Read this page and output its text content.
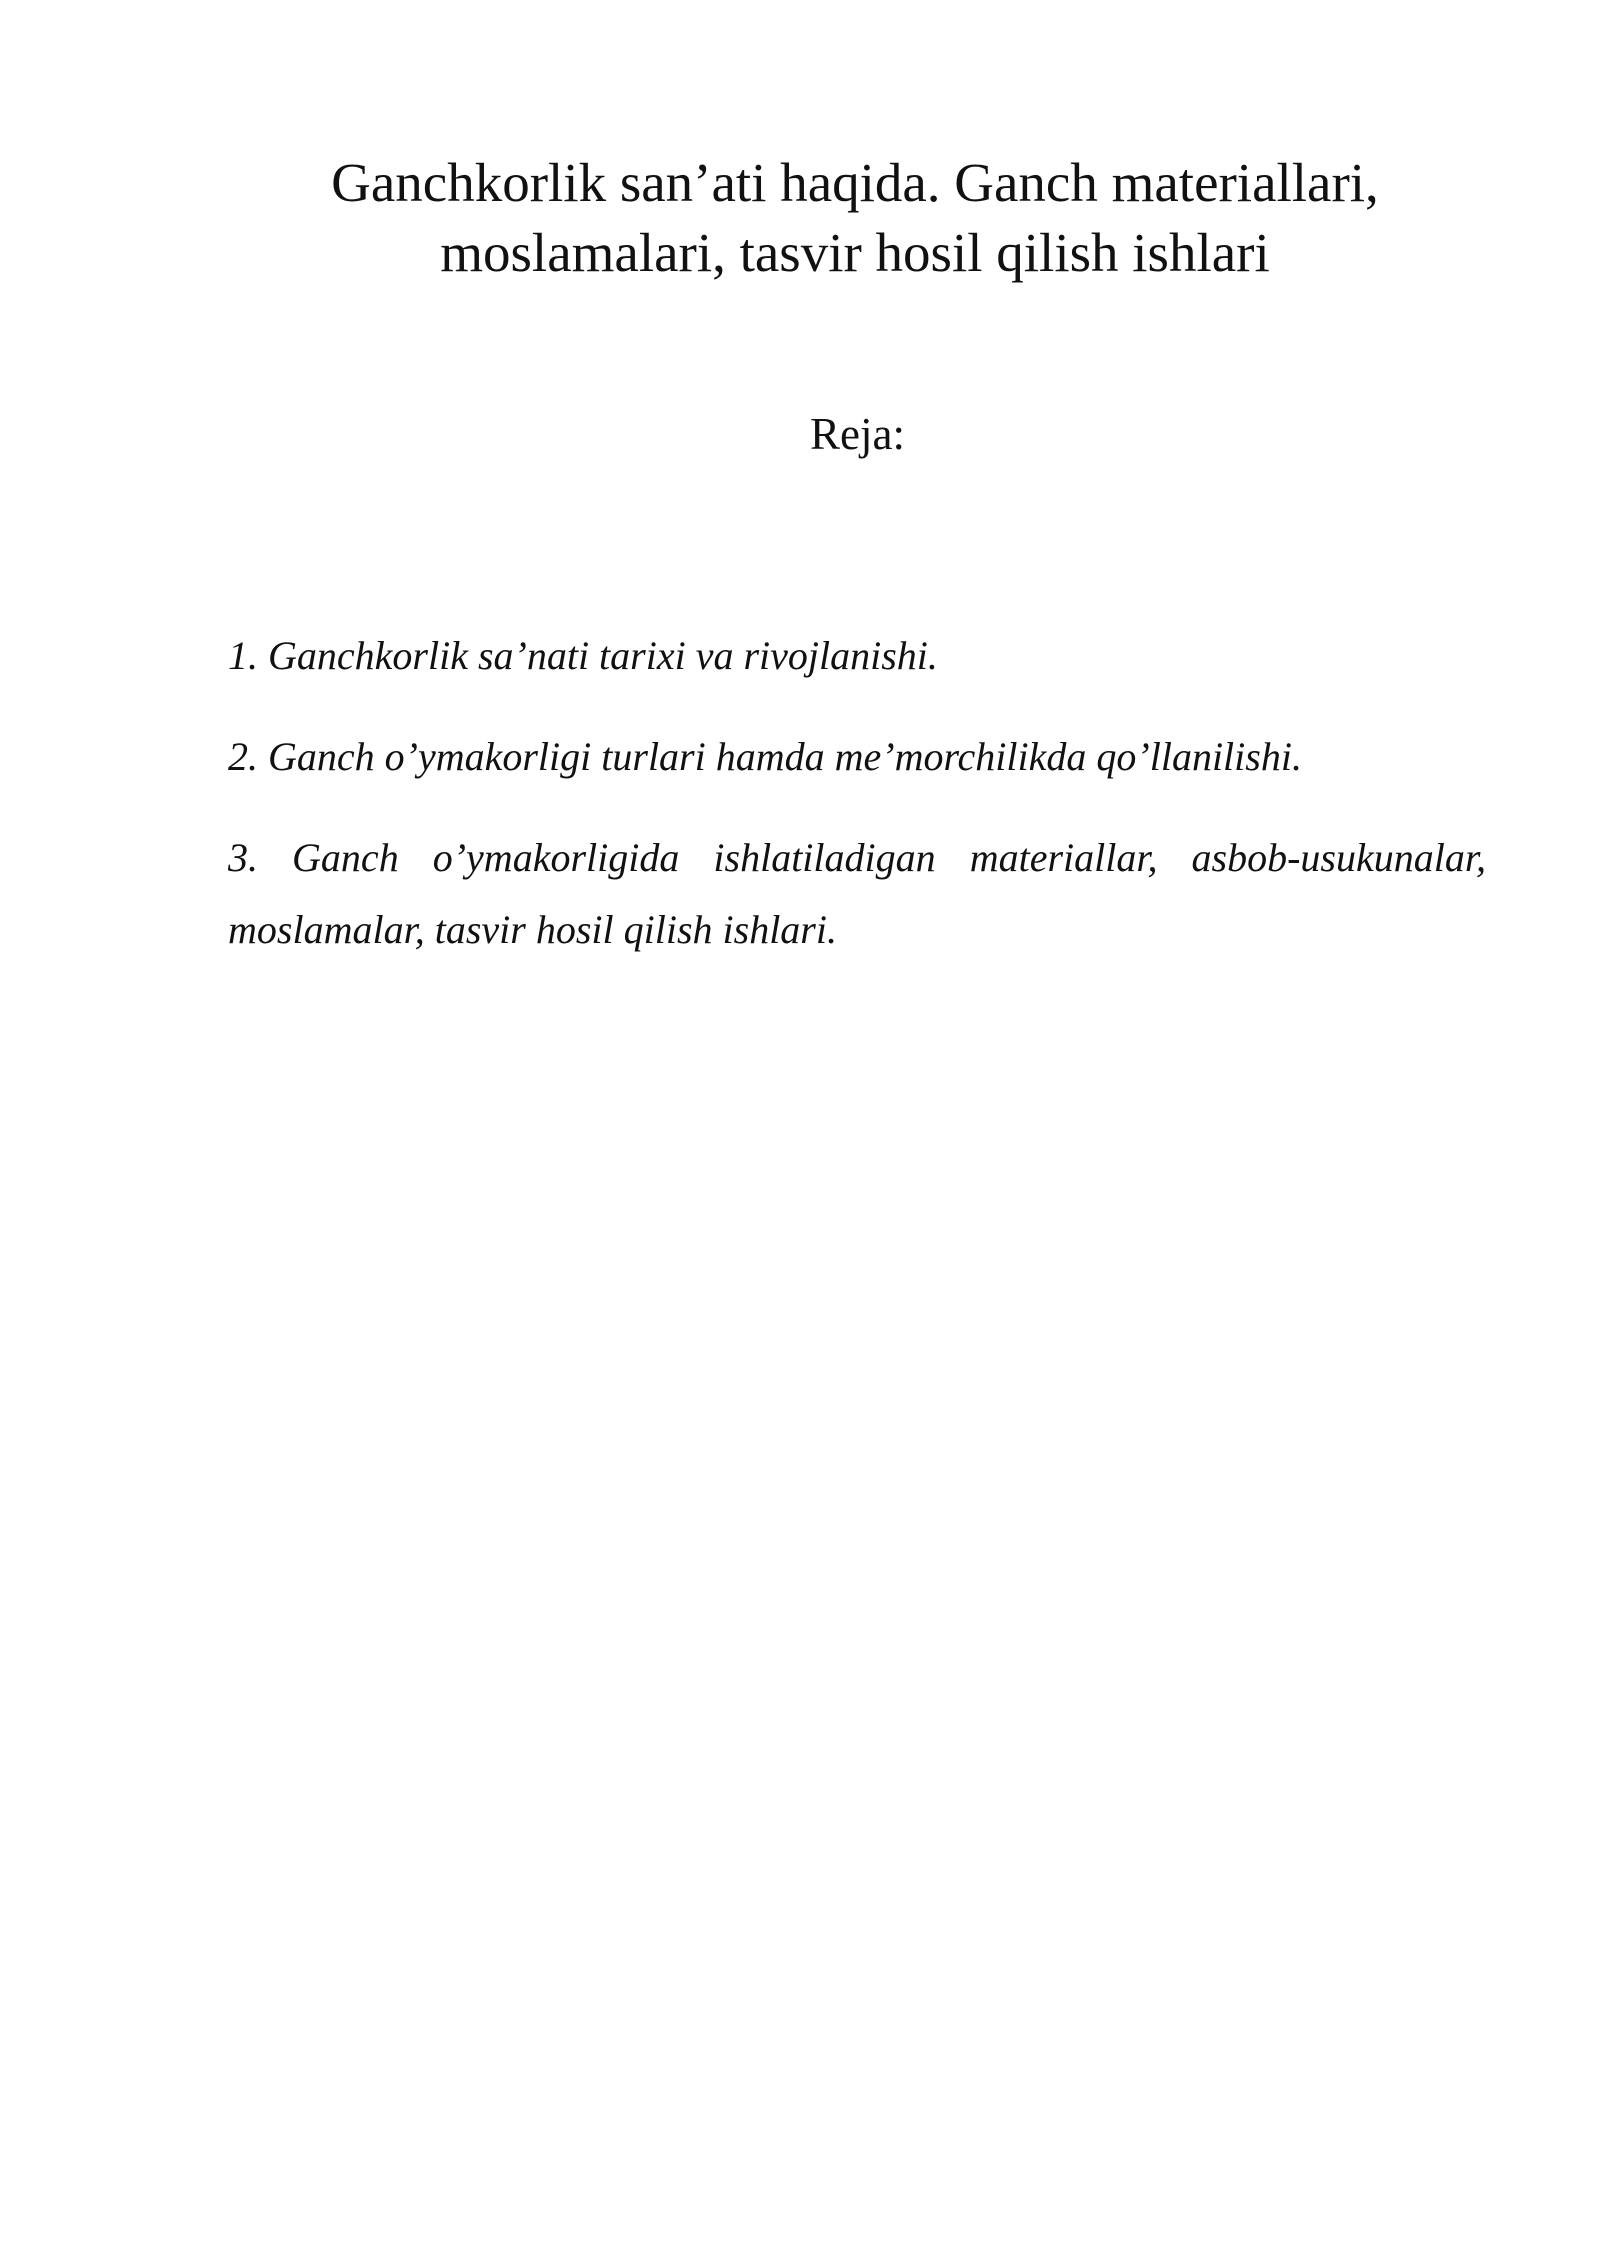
Ganchkorlik san’ati haqida. Ganch materiallari,
moslamalari, tasvir hosil qilish ishlari
Reja:
1. Ganchkorlik sa’nati tarixi va rivojlanishi.
2. Ganch o’ymakorligi turlari hamda me’morchilikda qo’llanilishi.
3. Ganch o’ymakorligida ishlatiladigan materiallar, asbob-usukunalar, moslamalar, tasvir hosil qilish ishlari.
